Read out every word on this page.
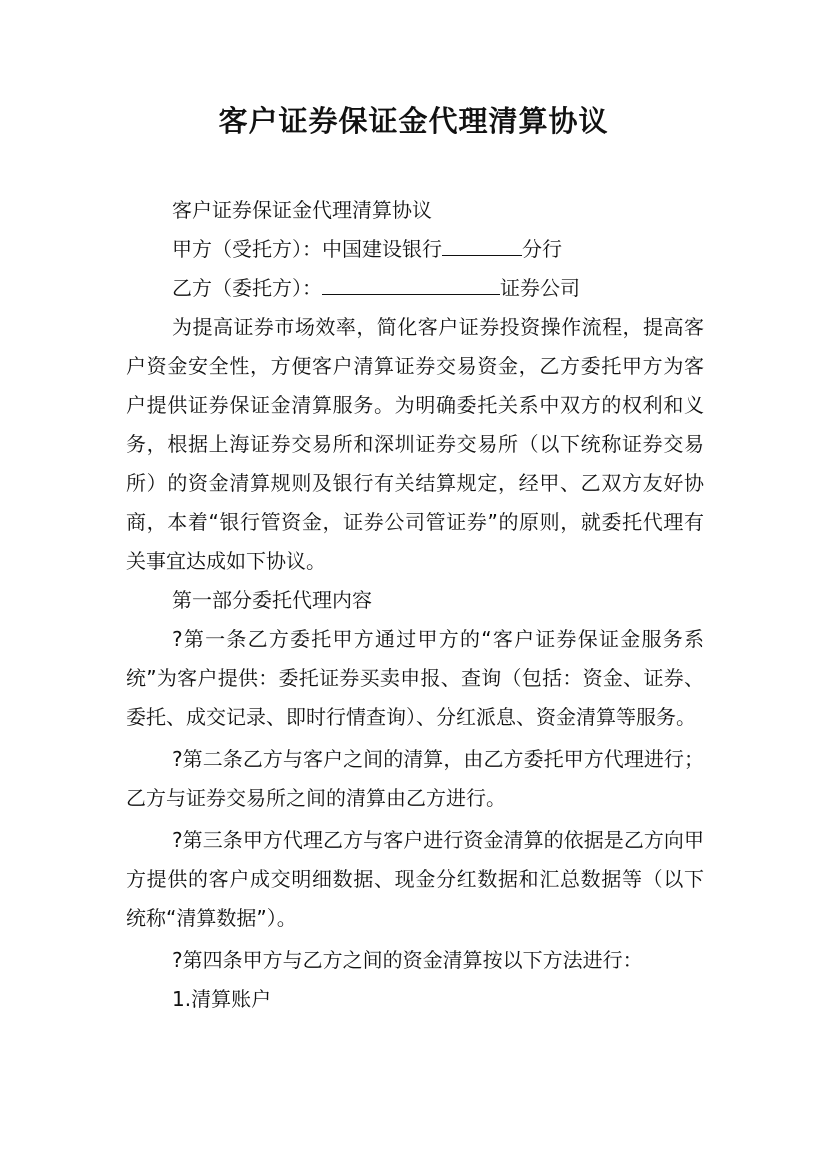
客户证券保证金代理清算协议

客户证券保证金代理清算协议

甲方（受托方）：中国建设银行	分行

乙方（委托方）：	证券公司

为提高证券市场效率，简化客户证券投资操作流程，提高客户资金安全性，方便客户清算证券交易资金，乙方委托甲方为客户提供证券保证金清算服务。为明确委托关系中双方的权利和义务，根据上海证券交易所和深圳证券交易所（以下统称证券交易所）的资金清算规则及银行有关结算规定，经甲、乙双方友好协商，本着“银行管资金，证券公司管证券”的原则，就委托代理有关事宜达成如下协议。

第一部分委托代理内容

?第一条乙方委托甲方通过甲方的“客户证券保证金服务系统”为客户提供：委托证券买卖申报、查询（包括：资金、证券、委托、成交记录、即时行情查询）、分红派息、资金清算等服务。

?第二条乙方与客户之间的清算，由乙方委托甲方代理进行；乙方与证券交易所之间的清算由乙方进行。

?第三条甲方代理乙方与客户进行资金清算的依据是乙方向甲方提供的客户成交明细数据、现金分红数据和汇总数据等（以下统称“清算数据”）。

?第四条甲方与乙方之间的资金清算按以下方法进行：

1.清算账户
